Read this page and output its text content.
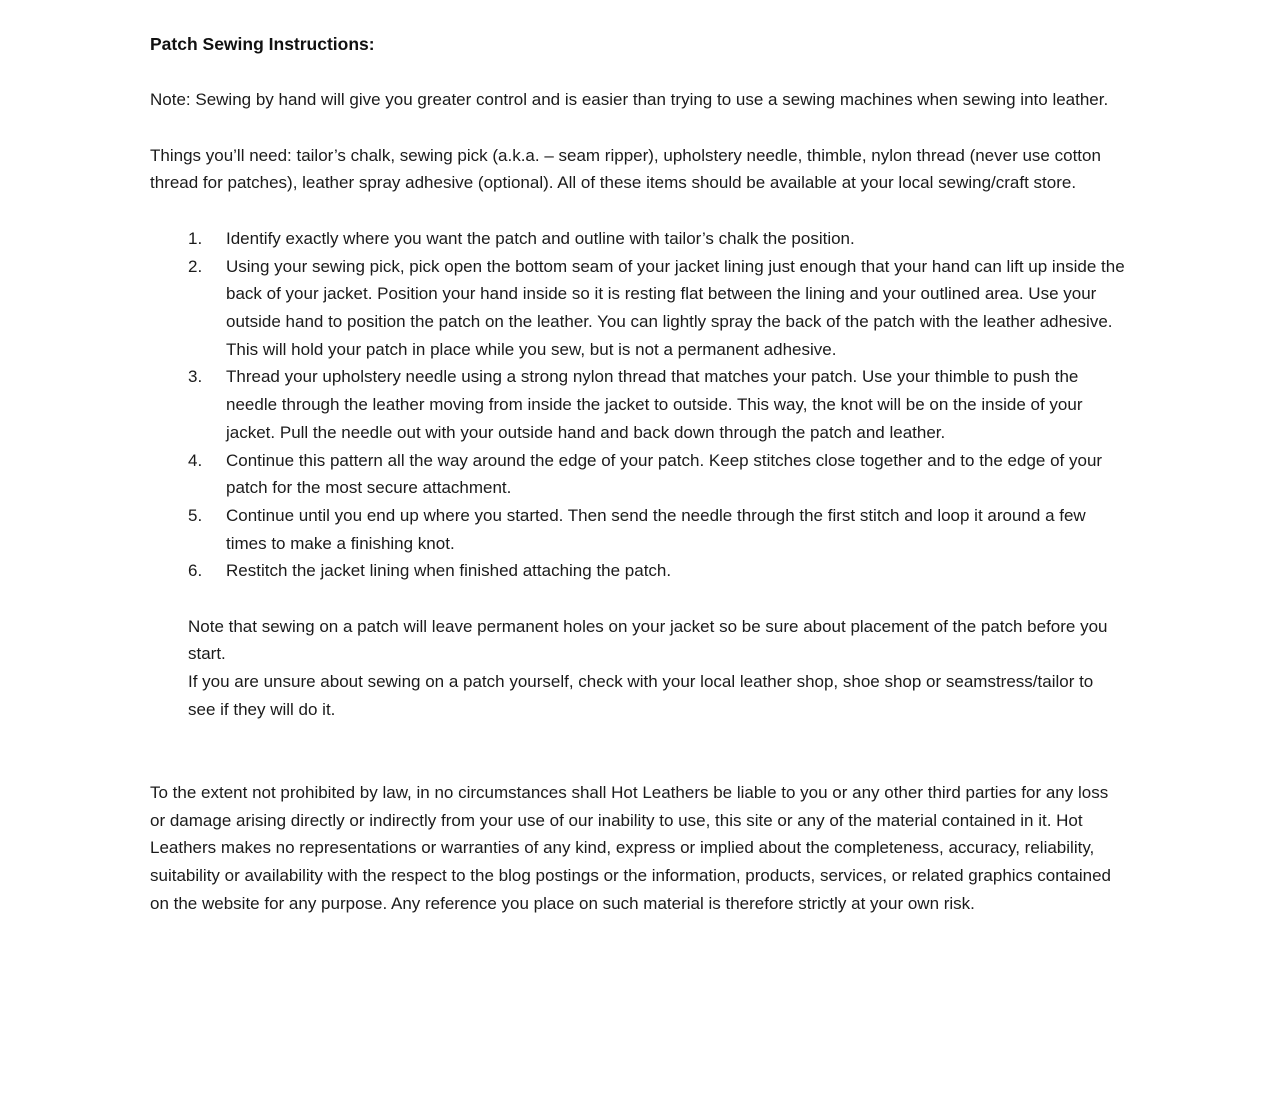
Patch Sewing Instructions:

Note: Sewing by hand will give you greater control and is easier than trying to use a sewing machines when sewing into leather.

Things you’ll need: tailor’s chalk, sewing pick (a.k.a. – seam ripper), upholstery needle, thimble, nylon thread (never use cotton thread for patches), leather spray adhesive (optional). All of these items should be available at your local sewing/craft store.

1. Identify exactly where you want the patch and outline with tailor’s chalk the position.
2. Using your sewing pick, pick open the bottom seam of your jacket lining just enough that your hand can lift up inside the back of your jacket. Position your hand inside so it is resting flat between the lining and your outlined area. Use your outside hand to position the patch on the leather. You can lightly spray the back of the patch with the leather adhesive. This will hold your patch in place while you sew, but is not a permanent adhesive.
3. Thread your upholstery needle using a strong nylon thread that matches your patch. Use your thimble to push the needle through the leather moving from inside the jacket to outside. This way, the knot will be on the inside of your jacket. Pull the needle out with your outside hand and back down through the patch and leather.
4. Continue this pattern all the way around the edge of your patch. Keep stitches close together and to the edge of your patch for the most secure attachment.
5. Continue until you end up where you started. Then send the needle through the first stitch and loop it around a few times to make a finishing knot.
6. Restitch the jacket lining when finished attaching the patch.

Note that sewing on a patch will leave permanent holes on your jacket so be sure about placement of the patch before you start.

If you are unsure about sewing on a patch yourself, check with your local leather shop, shoe shop or seamstress/tailor to see if they will do it.

To the extent not prohibited by law, in no circumstances shall Hot Leathers be liable to you or any other third parties for any loss or damage arising directly or indirectly from your use of our inability to use, this site or any of the material contained in it. Hot Leathers makes no representations or warranties of any kind, express or implied about the completeness, accuracy, reliability, suitability or availability with the respect to the blog postings or the information, products, services, or related graphics contained on the website for any purpose. Any reference you place on such material is therefore strictly at your own risk.
